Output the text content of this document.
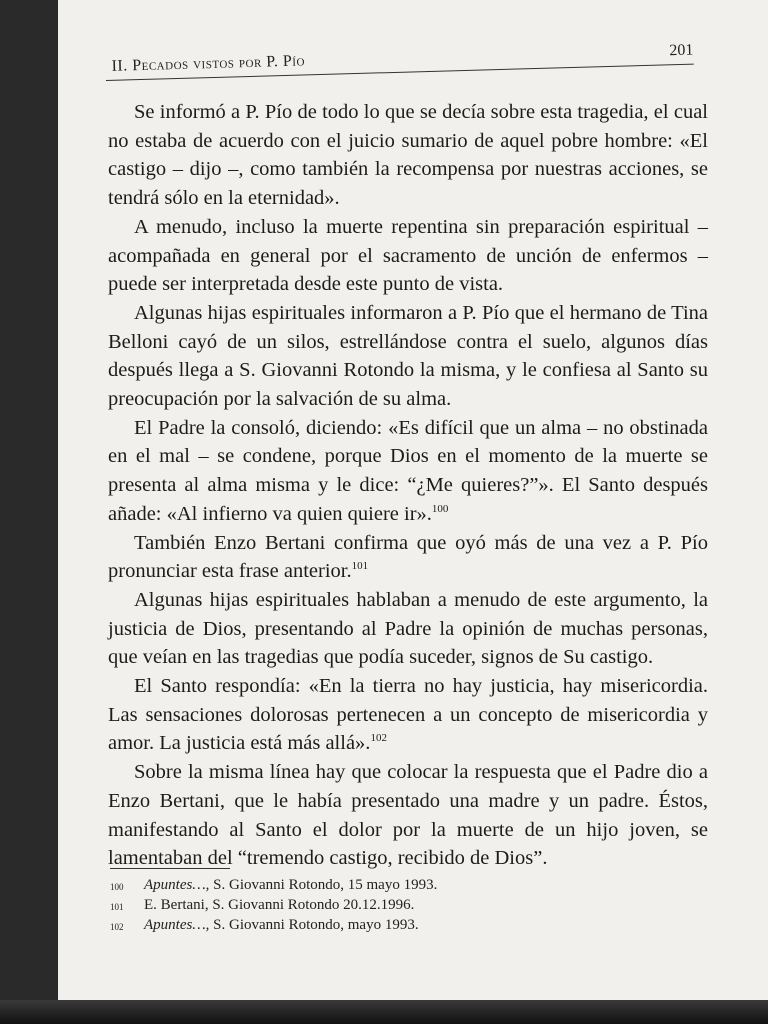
II. Pecados vistos por P. Pío
201

Se informó a P. Pío de todo lo que se decía sobre esta tragedia, el cual no estaba de acuerdo con el juicio sumario de aquel pobre hombre: «El castigo – dijo –, como también la recompensa por nuestras acciones, se tendrá sólo en la eternidad».

A menudo, incluso la muerte repentina sin preparación espiritual – acompañada en general por el sacramento de unción de enfermos – puede ser interpretada desde este punto de vista.

Algunas hijas espirituales informaron a P. Pío que el hermano de Tina Belloni cayó de un silos, estrellándose contra el suelo, algunos días después llega a S. Giovanni Rotondo la misma, y le confiesa al Santo su preocupación por la salvación de su alma.

El Padre la consoló, diciendo: «Es difícil que un alma – no obstinada en el mal – se condene, porque Dios en el momento de la muerte se presenta al alma misma y le dice: “¿Me quieres?”». El Santo después añade: «Al infierno va quien quiere ir».$^{100}$

También Enzo Bertani confirma que oyó más de una vez a P. Pío pronunciar esta frase anterior.$^{101}$

Algunas hijas espirituales hablaban a menudo de este argumento, la justicia de Dios, presentando al Padre la opinión de muchas personas, que veían en las tragedias que podía suceder, signos de Su castigo.

El Santo respondía: «En la tierra no hay justicia, hay misericordia. Las sensaciones dolorosas pertenecen a un concepto de misericordia y amor. La justicia está más allá».$^{102}$

Sobre la misma línea hay que colocar la respuesta que el Padre dio a Enzo Bertani, que le había presentado una madre y un padre. Éstos, manifestando al Santo el dolor por la muerte de un hijo joven, se lamentaban del “tremendo castigo, recibido de Dios”.

100	Apuntes…, S. Giovanni Rotondo, 15 mayo 1993.
101	E. Bertani, S. Giovanni Rotondo 20.12.1996.
102	Apuntes…, S. Giovanni Rotondo, mayo 1993.
